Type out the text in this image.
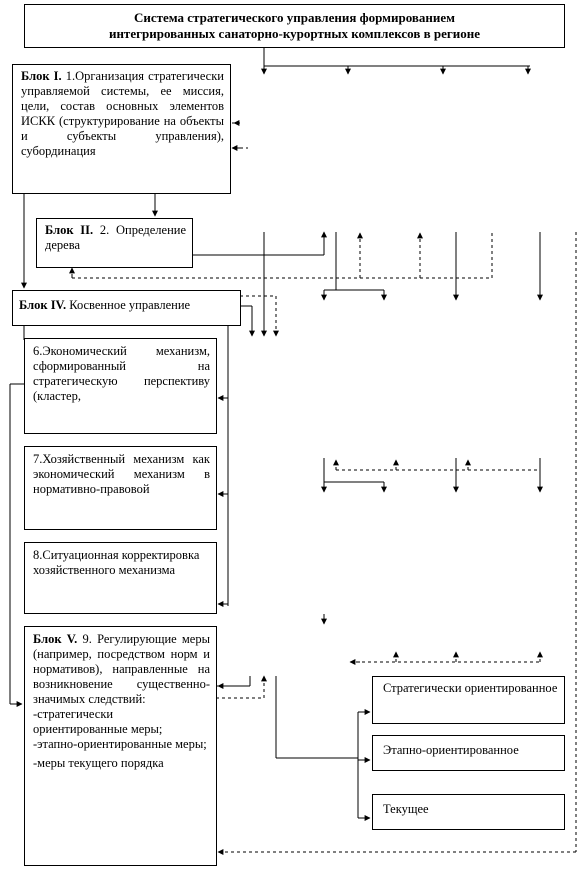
Система стратегического управления формированием
интегрированных санаторно-курортных комплексов в регионе
Блок I. 1.Организация стратегически управляемой системы, ее миссия, цели, состав основных элементов ИСКК (структурирование на объекты и субъекты управления), субординация
Блок II. 2. Определение дерева
Блок IV. Косвенное управление
6.Экономический механизм, сформированный на стратегическую перспективу (кластер,
7.Хозяйственный механизм как экономический механизм в нормативно-правовой
8.Ситуационная корректировка хозяйственного механизма
Блок V. 9. Регулирующие меры (например, посредством норм и нормативов), направленные на возникновение существенно-значимых следствий:
-стратегически ориентированные меры;
-этапно-ориентированные меры;
-меры текущего порядка
Стратегически ориентированное
Этапно-ориентированное
Текущее
